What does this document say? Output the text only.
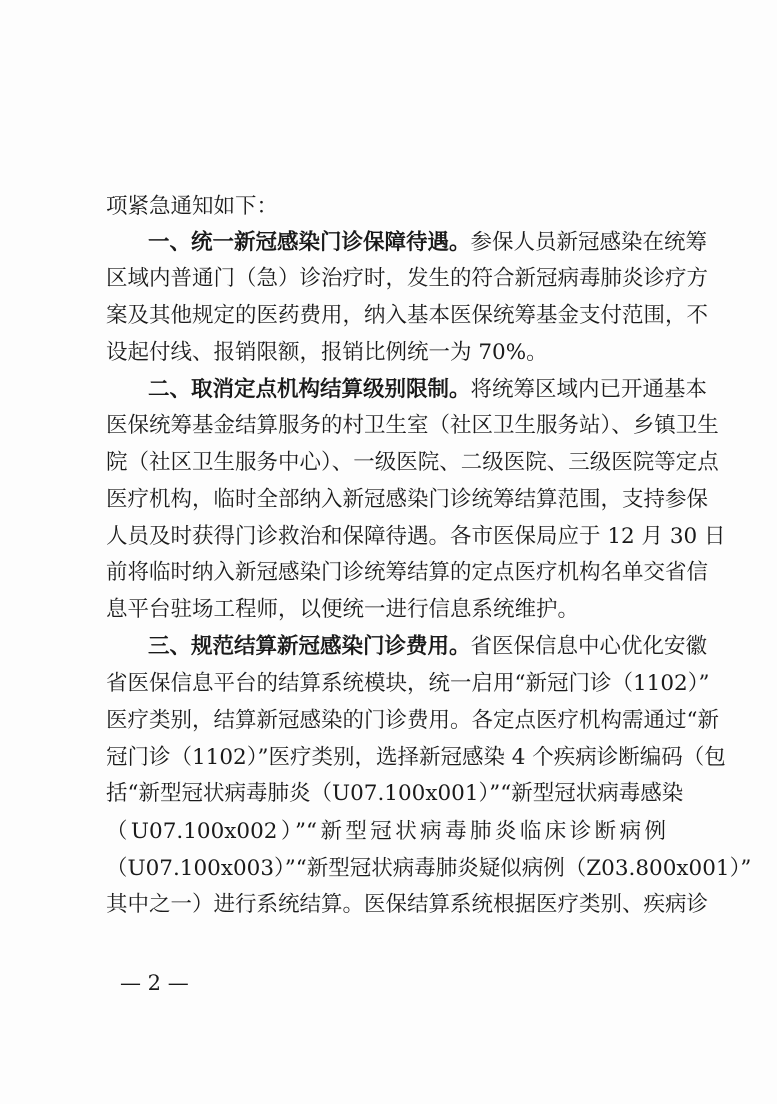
项紧急通知如下：
一、统一新冠感染门诊保障待遇。参保人员新冠感染在统筹
区域内普通门（急）诊治疗时，发生的符合新冠病毒肺炎诊疗方
案及其他规定的医药费用，纳入基本医保统筹基金支付范围，不
设起付线、报销限额，报销比例统一为 70%。
二、取消定点机构结算级别限制。将统筹区域内已开通基本
医保统筹基金结算服务的村卫生室（社区卫生服务站）、乡镇卫生
院（社区卫生服务中心）、一级医院、二级医院、三级医院等定点
医疗机构，临时全部纳入新冠感染门诊统筹结算范围，支持参保
人员及时获得门诊救治和保障待遇。各市医保局应于 12 月 30 日
前将临时纳入新冠感染门诊统筹结算的定点医疗机构名单交省信
息平台驻场工程师，以便统一进行信息系统维护。
三、规范结算新冠感染门诊费用。省医保信息中心优化安徽
省医保信息平台的结算系统模块，统一启用“新冠门诊（1102）”
医疗类别，结算新冠感染的门诊费用。各定点医疗机构需通过“新
冠门诊（1102）”医疗类别，选择新冠感染 4 个疾病诊断编码（包
括“新型冠状病毒肺炎（U07.100x001）”“新型冠状病毒感染
（U07.100x002）”“新型冠状病毒肺炎临床诊断病例
（U07.100x003）”“新型冠状病毒肺炎疑似病例（Z03.800x001）”
其中之一）进行系统结算。医保结算系统根据医疗类别、疾病诊
— 2 —
